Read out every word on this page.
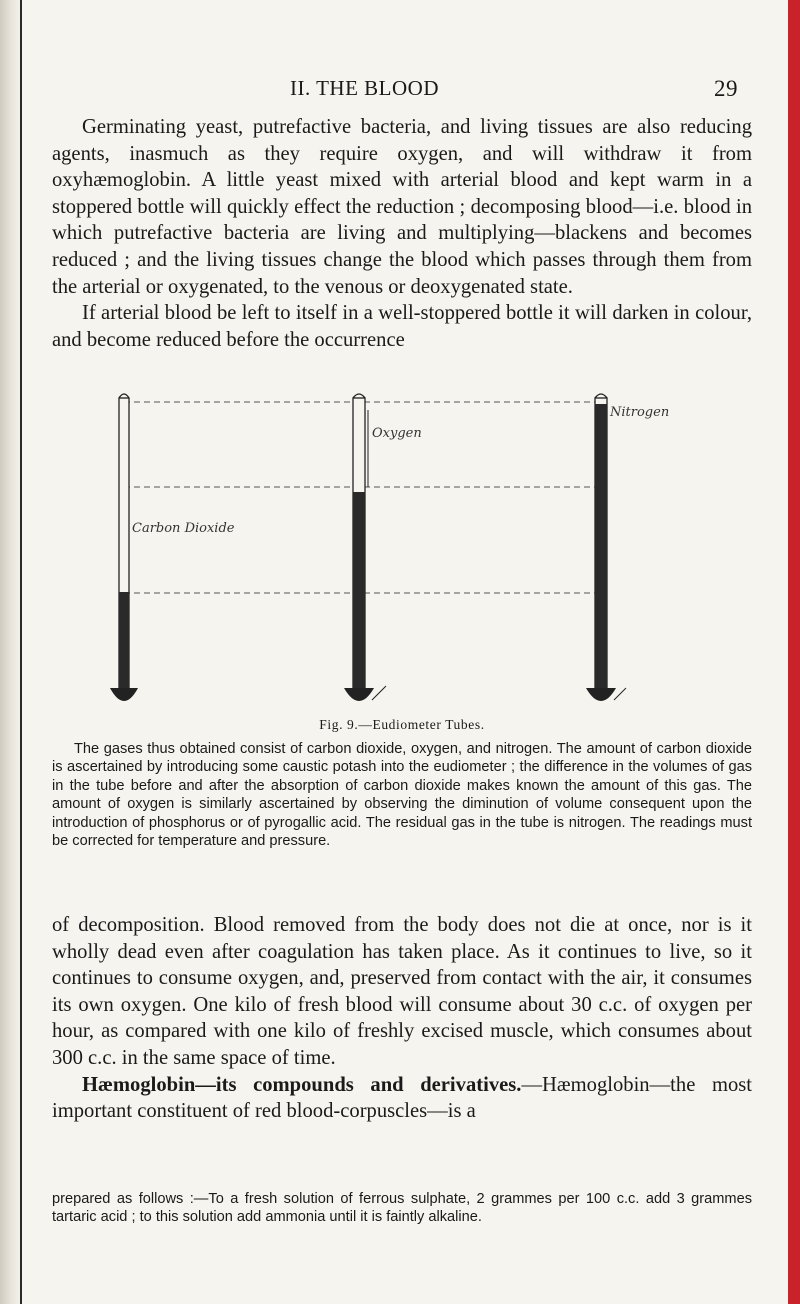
II. THE BLOOD	29

Germinating yeast, putrefactive bacteria, and living tissues are also reducing agents, inasmuch as they require oxygen, and will withdraw it from oxyhæmoglobin. A little yeast mixed with arterial blood and kept warm in a stoppered bottle will quickly effect the reduction ; decomposing blood—i.e. blood in which putrefactive bacteria are living and multiplying—blackens and becomes reduced ; and the living tissues change the blood which passes through them from the arterial or oxygenated, to the venous or deoxygenated state.

If arterial blood be left to itself in a well-stoppered bottle it will darken in colour, and become reduced before the occurrence

Carbon Dioxide
Oxygen
Nitrogen
Fig. 9.—Eudiometer Tubes.

The gases thus obtained consist of carbon dioxide, oxygen, and nitrogen. The amount of carbon dioxide is ascertained by introducing some caustic potash into the eudiometer ; the difference in the volumes of gas in the tube before and after the absorption of carbon dioxide makes known the amount of this gas. The amount of oxygen is similarly ascertained by observing the diminution of volume consequent upon the introduction of phosphorus or of pyrogallic acid. The residual gas in the tube is nitrogen. The readings must be corrected for temperature and pressure.

of decomposition. Blood removed from the body does not die at once, nor is it wholly dead even after coagulation has taken place. As it continues to live, so it continues to consume oxygen, and, preserved from contact with the air, it consumes its own oxygen. One kilo of fresh blood will consume about 30 c.c. of oxygen per hour, as compared with one kilo of freshly excised muscle, which consumes about 300 c.c. in the same space of time.

Hæmoglobin—its compounds and derivatives.—Hæmoglobin—the most important constituent of red blood-corpuscles—is a

prepared as follows :—To a fresh solution of ferrous sulphate, 2 grammes per 100 c.c. add 3 grammes tartaric acid ; to this solution add ammonia until it is faintly alkaline.
